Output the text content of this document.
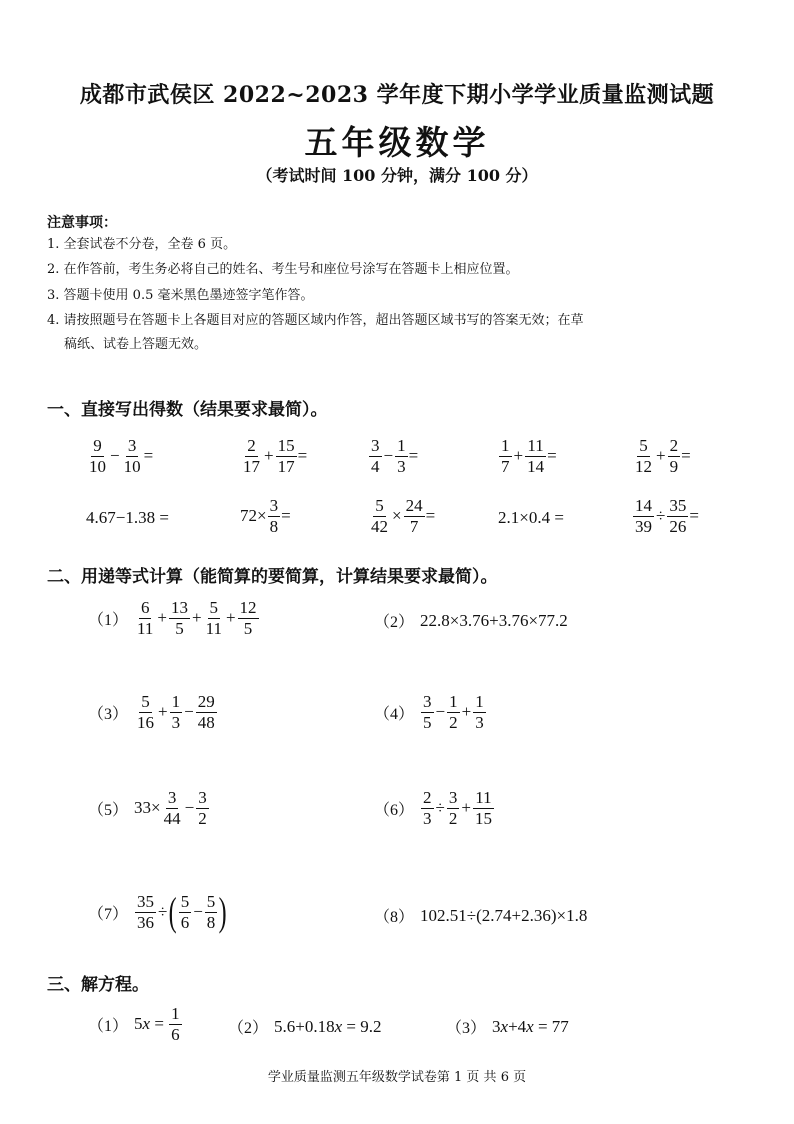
成都市武侯区 2022~2023 学年度下期小学学业质量监测试题
五年级数学
（考试时间 100 分钟，满分 100 分）
注意事项：
1. 全套试卷不分卷，全卷 6 页。
2. 在作答前，考生务必将自己的姓名、考生号和座位号涂写在答题卡上相应位置。
3. 答题卡使用 0.5 毫米黑色墨迹签字笔作答。
4. 请按照题号在答题卡上各题目对应的答题区域内作答，超出答题区域书写的答案无效；在草
稿纸、试卷上答题无效。
一、直接写出得数（结果要求最简）。
$\frac{9}{10} - \frac{3}{10}$ =	$\frac{2}{17} + \frac{15}{17}$ =	$\frac{3}{4} - \frac{1}{3}$ =	$\frac{1}{7} + \frac{11}{14}$ =	$\frac{5}{12} + \frac{2}{9}$ =
4.67−1.38 =	$72\times \frac{3}{8}$ =	$\frac{5}{42} \times \frac{24}{7}$ =	2.1×0.4 =	$\frac{14}{39} \div \frac{35}{26}$ =
二、用递等式计算（能简算的要简算，计算结果要求最简）。
$(1) \frac{6}{11} + \frac{13}{5} + \frac{5}{11} + \frac{12}{5}$	（2） 22.8×3.76+3.76×77.2
$(3) \frac{5}{16} + \frac{1}{3} - \frac{29}{48}$	$(4) \frac{3}{5} - \frac{1}{2} + \frac{1}{3}$
（5） $33\times \frac{3}{44} - \frac{3}{2}$	$(6) \frac{2}{3} \div \frac{3}{2} + \frac{11}{15}$
$(7) \frac{35}{36}$ ÷ ( $\frac{5}{6} - \frac{5}{8}$ )	（8） 102.51÷(2.74+2.36)×1.8
三、解方程。
（1） 5 $x = \frac{1}{6}$	（2） 5.6+0.18 x = 9.2	（3） 3 x +4 x = 77
学业质量监测五年级数学试卷第 1 页 共 6 页
